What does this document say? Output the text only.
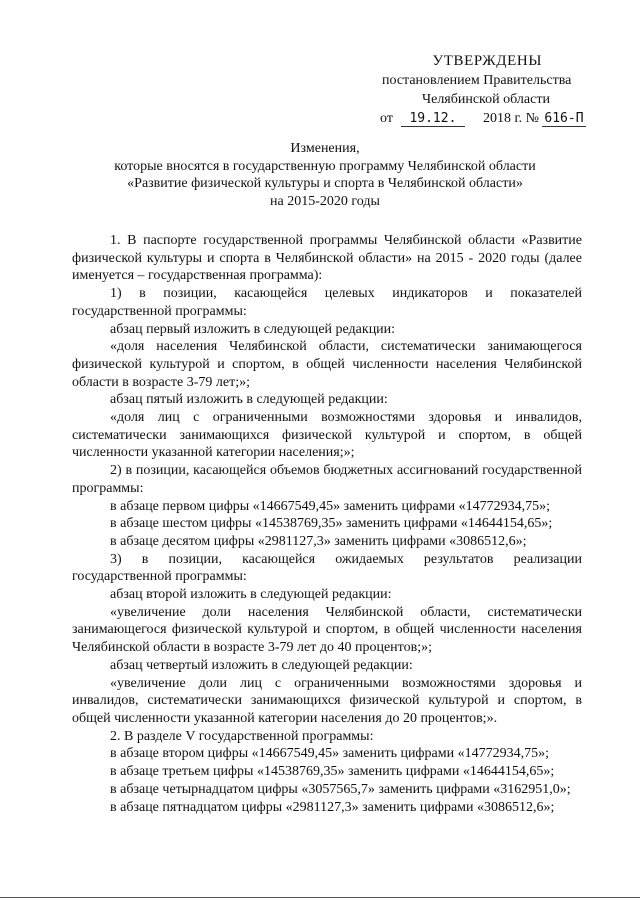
УТВЕРЖДЕНЫ
постановлением Правительства
Челябинской области
от	19.12.	2018 г. № 616-П
Изменения,
которые вносятся в государственную программу Челябинской области
«Развитие физической культуры и спорта в Челябинской области»
на 2015-2020 годы
1. В паспорте государственной программы Челябинской области «Развитие физической культуры и спорта в Челябинской области» на 2015 - 2020 годы (далее именуется – государственная программа):
1) в позиции, касающейся целевых индикаторов и показателей государственной программы:
абзац первый изложить в следующей редакции:
«доля населения Челябинской области, систематически занимающегося физической культурой и спортом, в общей численности населения Челябинской области в возрасте 3-79 лет;»;
абзац пятый изложить в следующей редакции:
«доля лиц с ограниченными возможностями здоровья и инвалидов, систематически занимающихся физической культурой и спортом, в общей численности указанной категории населения;»;
2) в позиции, касающейся объемов бюджетных ассигнований государственной программы:
в абзаце первом цифры «14667549,45» заменить цифрами «14772934,75»;
в абзаце шестом цифры «14538769,35» заменить цифрами «14644154,65»;
в абзаце десятом цифры «2981127,3» заменить цифрами «3086512,6»;
3) в позиции, касающейся ожидаемых результатов реализации государственной программы:
абзац второй изложить в следующей редакции:
«увеличение доли населения Челябинской области, систематически занимающегося физической культурой и спортом, в общей численности населения Челябинской области в возрасте 3-79 лет до 40 процентов;»;
абзац четвертый изложить в следующей редакции:
«увеличение доли лиц с ограниченными возможностями здоровья и инвалидов, систематически занимающихся физической культурой и спортом, в общей численности указанной категории населения до 20 процентов;».
2. В разделе V государственной программы:
в абзаце втором цифры «14667549,45» заменить цифрами «14772934,75»;
в абзаце третьем цифры «14538769,35» заменить цифрами «14644154,65»;
в абзаце четырнадцатом цифры «3057565,7» заменить цифрами «3162951,0»;
в абзаце пятнадцатом цифры «2981127,3» заменить цифрами «3086512,6»;
